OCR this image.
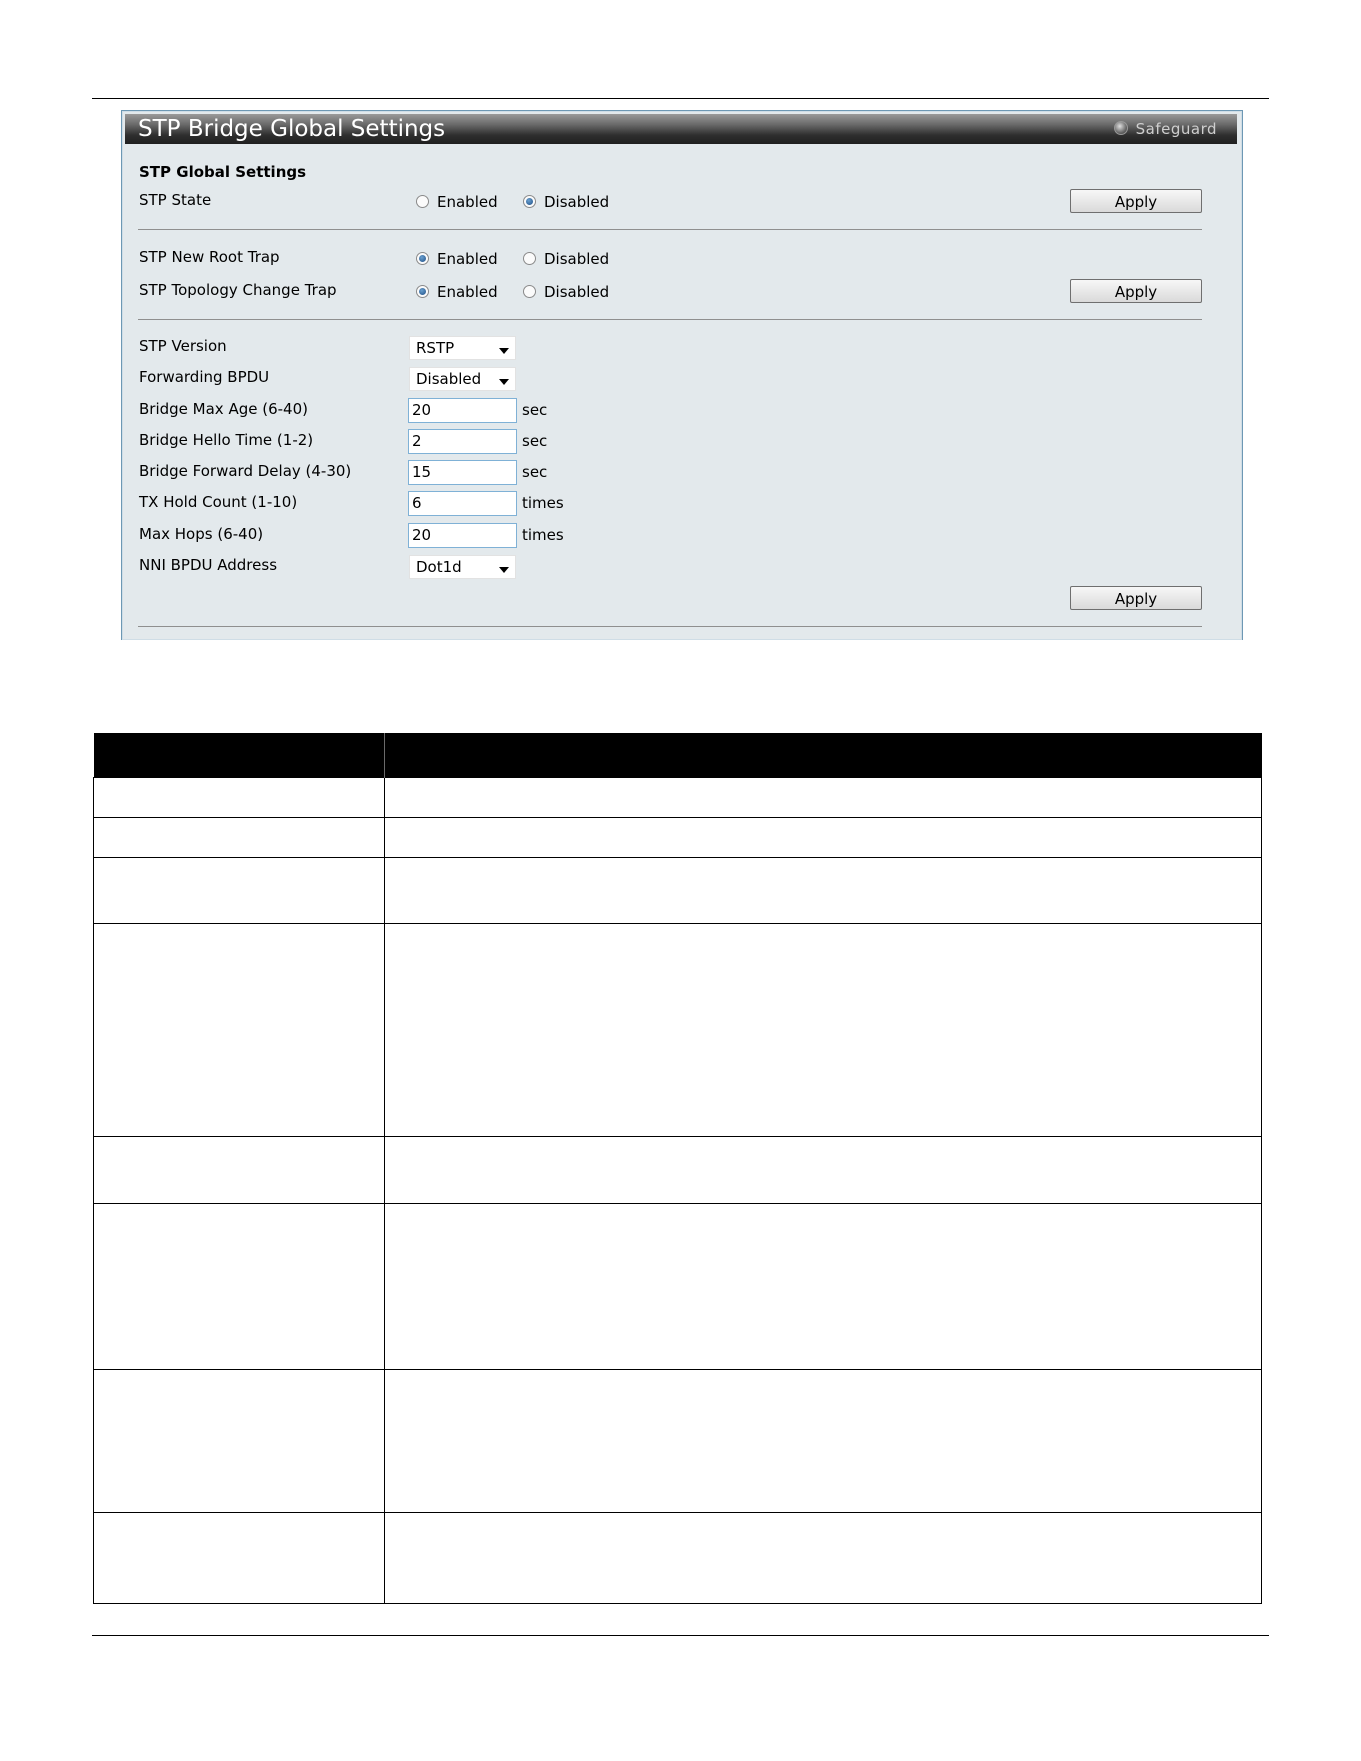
STP Bridge Global Settings	Safeguard
STP Global Settings
STP State	Enabled	Disabled	Apply
STP New Root Trap	Enabled	Disabled
STP Topology Change Trap	Enabled	Disabled	Apply
STP Version	RSTP
Forwarding BPDU	Disabled
Bridge Max Age (6-40)	20	sec
Bridge Hello Time (1-2)	2	sec
Bridge Forward Delay (4-30)	15	sec
TX Hold Count (1-10)	6	times
Max Hops (6-40)	20	times
NNI BPDU Address	Dot1d
Apply
